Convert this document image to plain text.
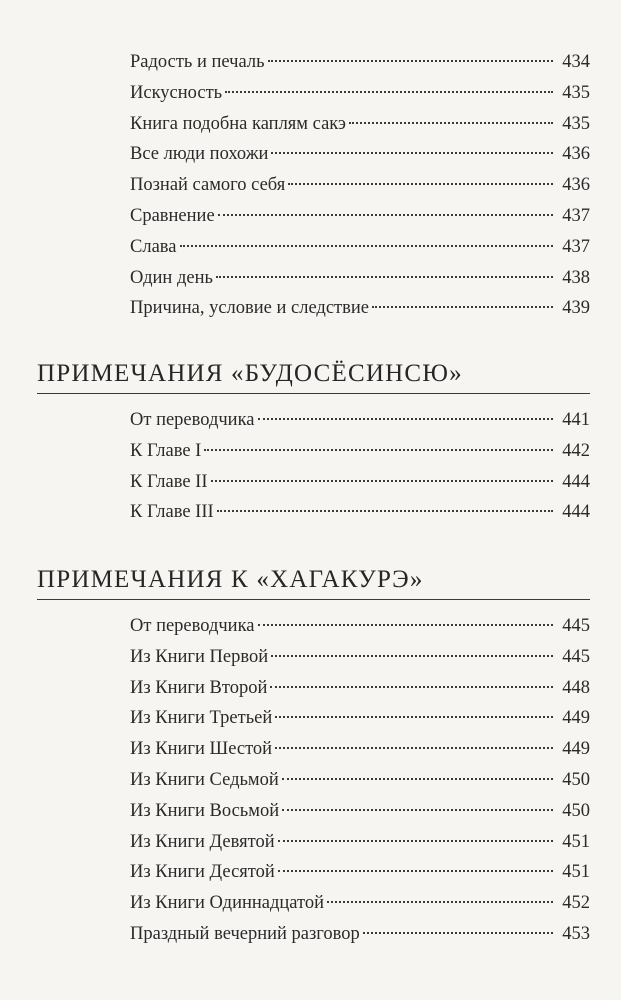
Радость и печаль	434
Искусность	435
Книга подобна каплям сакэ	435
Все люди похожи	436
Познай самого себя	436
Сравнение	437
Слава	437
Один день	438
Причина, условие и следствие	439
ПРИМЕЧАНИЯ «БУДОСЁСИНСЮ»
От переводчика	441
К Главе I	442
К Главе II	444
К Главе III	444
ПРИМЕЧАНИЯ К «ХАГАКУРЭ»
От переводчика	445
Из Книги Первой	445
Из Книги Второй	448
Из Книги Третьей	449
Из Книги Шестой	449
Из Книги Седьмой	450
Из Книги Восьмой	450
Из Книги Девятой	451
Из Книги Десятой	451
Из Книги Одиннадцатой	452
Праздный вечерний разговор	453
